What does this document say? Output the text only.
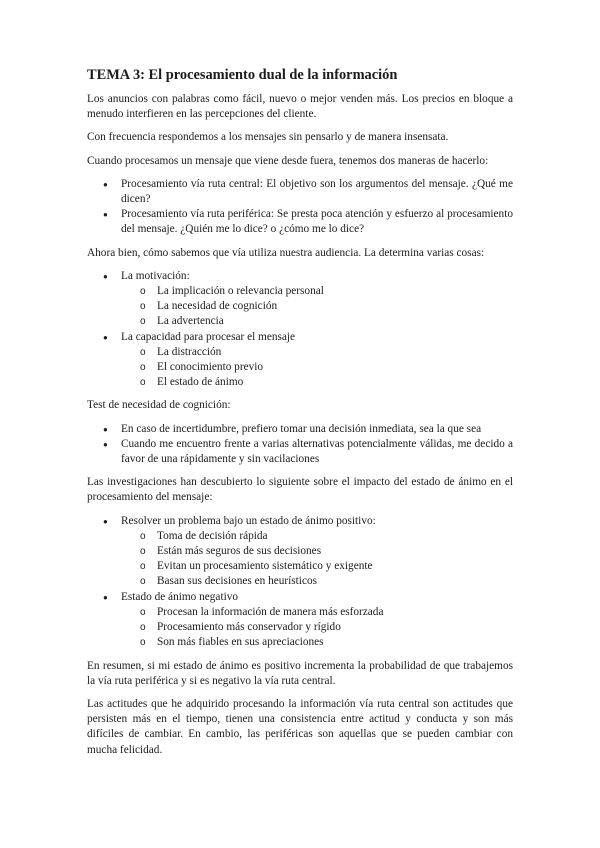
TEMA 3: El procesamiento dual de la información

Los anuncios con palabras como fácil, nuevo o mejor venden más. Los precios en bloque a menudo interfieren en las percepciones del cliente.

Con frecuencia respondemos a los mensajes sin pensarlo y de manera insensata.

Cuando procesamos un mensaje que viene desde fuera, tenemos dos maneras de hacerlo:

● Procesamiento vía ruta central: El objetivo son los argumentos del mensaje. ¿Qué me dicen?
● Procesamiento vía ruta periférica: Se presta poca atención y esfuerzo al procesamiento del mensaje. ¿Quién me lo dice? o ¿cómo me lo dice?

Ahora bien, cómo sabemos que vía utiliza nuestra audiencia. La determina varias cosas:

● La motivación:
o La implicación o relevancia personal
o La necesidad de cognición
o La advertencia
● La capacidad para procesar el mensaje
o La distracción
o El conocimiento previo
o El estado de ánimo

Test de necesidad de cognición:

● En caso de incertidumbre, prefiero tomar una decisión inmediata, sea la que sea
● Cuando me encuentro frente a varias alternativas potencialmente válidas, me decido a favor de una rápidamente y sin vacilaciones

Las investigaciones han descubierto lo siguiente sobre el impacto del estado de ánimo en el procesamiento del mensaje:

● Resolver un problema bajo un estado de ánimo positivo:
o Toma de decisión rápida
o Están más seguros de sus decisiones
o Evitan un procesamiento sistemático y exigente
o Basan sus decisiones en heurísticos
● Estado de ánimo negativo
o Procesan la información de manera más esforzada
o Procesamiento más conservador y rígido
o Son más fiables en sus apreciaciones

En resumen, si mi estado de ánimo es positivo incrementa la probabilidad de que trabajemos la vía ruta periférica y si es negativo la vía ruta central.

Las actitudes que he adquirido procesando la información vía ruta central son actitudes que persisten más en el tiempo, tienen una consistencia entre actitud y conducta y son más difíciles de cambiar. En cambio, las periféricas son aquellas que se pueden cambiar con mucha felicidad.
